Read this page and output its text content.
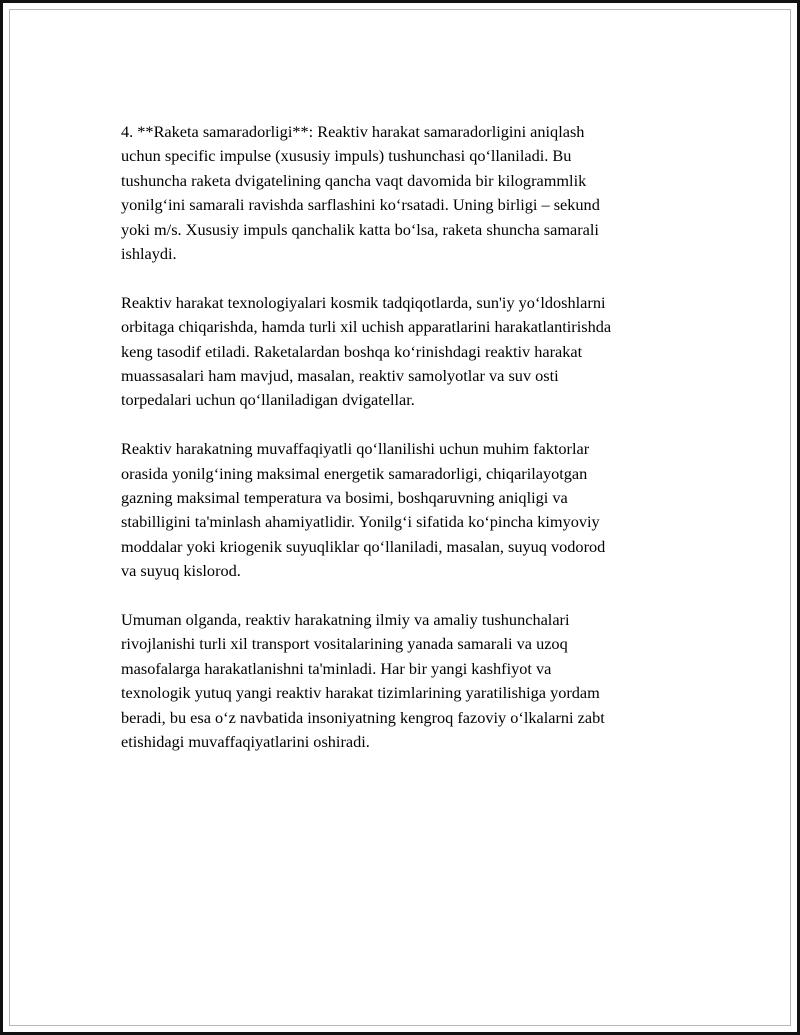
4. **Raketa samaradorligi**: Reaktiv harakat samaradorligini aniqlash
uchun specific impulse (xususiy impuls) tushunchasi qo‘llaniladi. Bu
tushuncha raketa dvigatelining qancha vaqt davomida bir kilogrammlik
yonilg‘ini samarali ravishda sarflashini ko‘rsatadi. Uning birligi – sekund
yoki m/s. Xususiy impuls qanchalik katta bo‘lsa, raketa shuncha samarali
ishlaydi.

Reaktiv harakat texnologiyalari kosmik tadqiqotlarda, sun'iy yo‘ldoshlarni
orbitaga chiqarishda, hamda turli xil uchish apparatlarini harakatlantirishda
keng tasodif etiladi. Raketalardan boshqa ko‘rinishdagi reaktiv harakat
muassasalari ham mavjud, masalan, reaktiv samolyotlar va suv osti
torpedalari uchun qo‘llaniladigan dvigatellar.

Reaktiv harakatning muvaffaqiyatli qo‘llanilishi uchun muhim faktorlar
orasida yonilg‘ining maksimal energetik samaradorligi, chiqarilayotgan
gazning maksimal temperatura va bosimi, boshqaruvning aniqligi va
stabilligini ta'minlash ahamiyatlidir. Yonilg‘i sifatida ko‘pincha kimyoviy
moddalar yoki kriogenik suyuqliklar qo‘llaniladi, masalan, suyuq vodorod
va suyuq kislorod.

Umuman olganda, reaktiv harakatning ilmiy va amaliy tushunchalari
rivojlanishi turli xil transport vositalarining yanada samarali va uzoq
masofalarga harakatlanishni ta'minladi. Har bir yangi kashfiyot va
texnologik yutuq yangi reaktiv harakat tizimlarining yaratilishiga yordam
beradi, bu esa o‘z navbatida insoniyatning kengroq fazoviy o‘lkalarni zabt
etishidagi muvaffaqiyatlarini oshiradi.
